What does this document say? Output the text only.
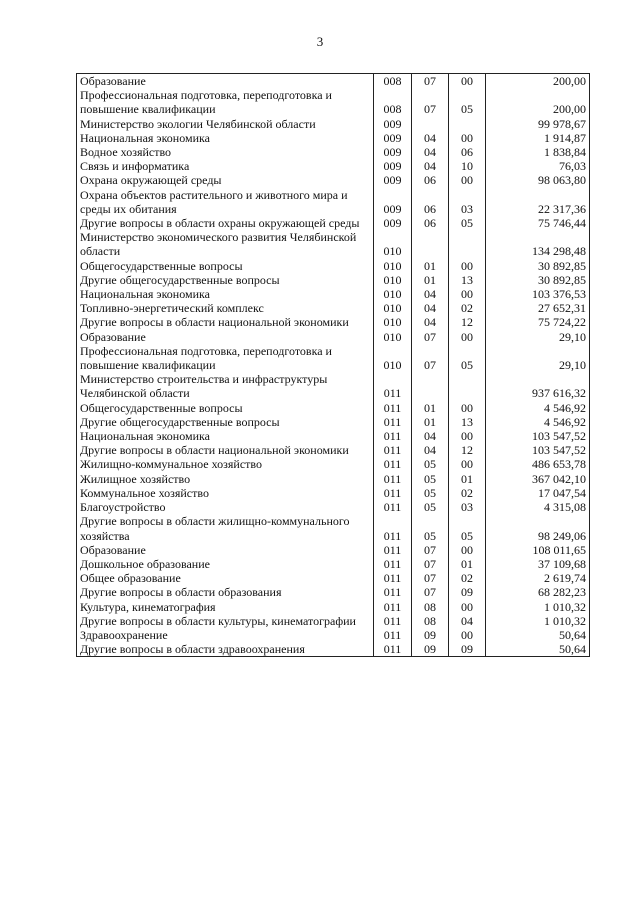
3
Образование	008	07	00	200,00
Профессиональная подготовка, переподготовка и повышение квалификации	008	07	05	200,00
Министерство экологии Челябинской области	009			99 978,67
Национальная экономика	009	04	00	1 914,87
Водное хозяйство	009	04	06	1 838,84
Связь и информатика	009	04	10	76,03
Охрана окружающей среды	009	06	00	98 063,80
Охрана объектов растительного и животного мира и среды их обитания	009	06	03	22 317,36
Другие вопросы в области охраны окружающей среды	009	06	05	75 746,44
Министерство экономического развития Челябинской области	010			134 298,48
Общегосударственные вопросы	010	01	00	30 892,85
Другие общегосударственные вопросы	010	01	13	30 892,85
Национальная экономика	010	04	00	103 376,53
Топливно-энергетический комплекс	010	04	02	27 652,31
Другие вопросы в области национальной экономики	010	04	12	75 724,22
Образование	010	07	00	29,10
Профессиональная подготовка, переподготовка и повышение квалификации	010	07	05	29,10
Министерство строительства и инфраструктуры Челябинской области	011			937 616,32
Общегосударственные вопросы	011	01	00	4 546,92
Другие общегосударственные вопросы	011	01	13	4 546,92
Национальная экономика	011	04	00	103 547,52
Другие вопросы в области национальной экономики	011	04	12	103 547,52
Жилищно-коммунальное хозяйство	011	05	00	486 653,78
Жилищное хозяйство	011	05	01	367 042,10
Коммунальное хозяйство	011	05	02	17 047,54
Благоустройство	011	05	03	4 315,08
Другие вопросы в области жилищно-коммунального хозяйства	011	05	05	98 249,06
Образование	011	07	00	108 011,65
Дошкольное образование	011	07	01	37 109,68
Общее образование	011	07	02	2 619,74
Другие вопросы в области образования	011	07	09	68 282,23
Культура, кинематография	011	08	00	1 010,32
Другие вопросы в области культуры, кинематографии	011	08	04	1 010,32
Здравоохранение	011	09	00	50,64
Другие вопросы в области здравоохранения	011	09	09	50,64
